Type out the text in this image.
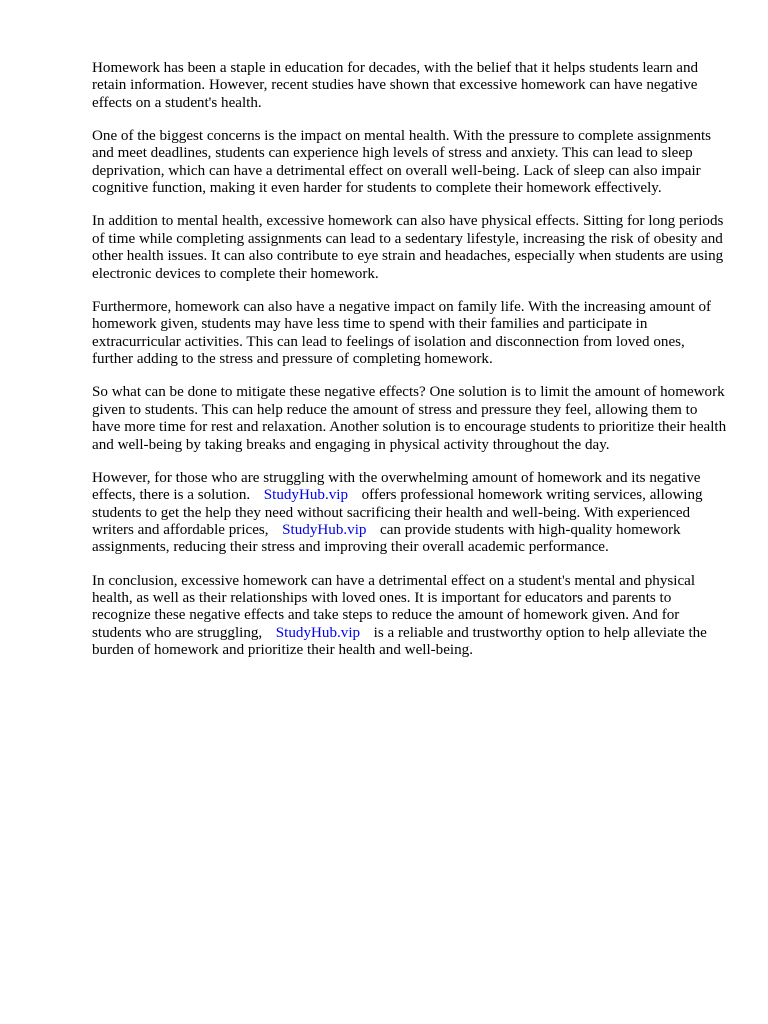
Homework has been a staple in education for decades, with the belief that it helps students learn and retain information. However, recent studies have shown that excessive homework can have negative effects on a student's health.

One of the biggest concerns is the impact on mental health. With the pressure to complete assignments and meet deadlines, students can experience high levels of stress and anxiety. This can lead to sleep deprivation, which can have a detrimental effect on overall well-being. Lack of sleep can also impair cognitive function, making it even harder for students to complete their homework effectively.

In addition to mental health, excessive homework can also have physical effects. Sitting for long periods of time while completing assignments can lead to a sedentary lifestyle, increasing the risk of obesity and other health issues. It can also contribute to eye strain and headaches, especially when students are using electronic devices to complete their homework.

Furthermore, homework can also have a negative impact on family life. With the increasing amount of homework given, students may have less time to spend with their families and participate in extracurricular activities. This can lead to feelings of isolation and disconnection from loved ones, further adding to the stress and pressure of completing homework.

So what can be done to mitigate these negative effects? One solution is to limit the amount of homework given to students. This can help reduce the amount of stress and pressure they feel, allowing them to have more time for rest and relaxation. Another solution is to encourage students to prioritize their health and well-being by taking breaks and engaging in physical activity throughout the day.

However, for those who are struggling with the overwhelming amount of homework and its negative effects, there is a solution. StudyHub.vip offers professional homework writing services, allowing students to get the help they need without sacrificing their health and well-being. With experienced writers and affordable prices, StudyHub.vip can provide students with high-quality homework assignments, reducing their stress and improving their overall academic performance.

In conclusion, excessive homework can have a detrimental effect on a student's mental and physical health, as well as their relationships with loved ones. It is important for educators and parents to recognize these negative effects and take steps to reduce the amount of homework given. And for students who are struggling, StudyHub.vip is a reliable and trustworthy option to help alleviate the burden of homework and prioritize their health and well-being.
